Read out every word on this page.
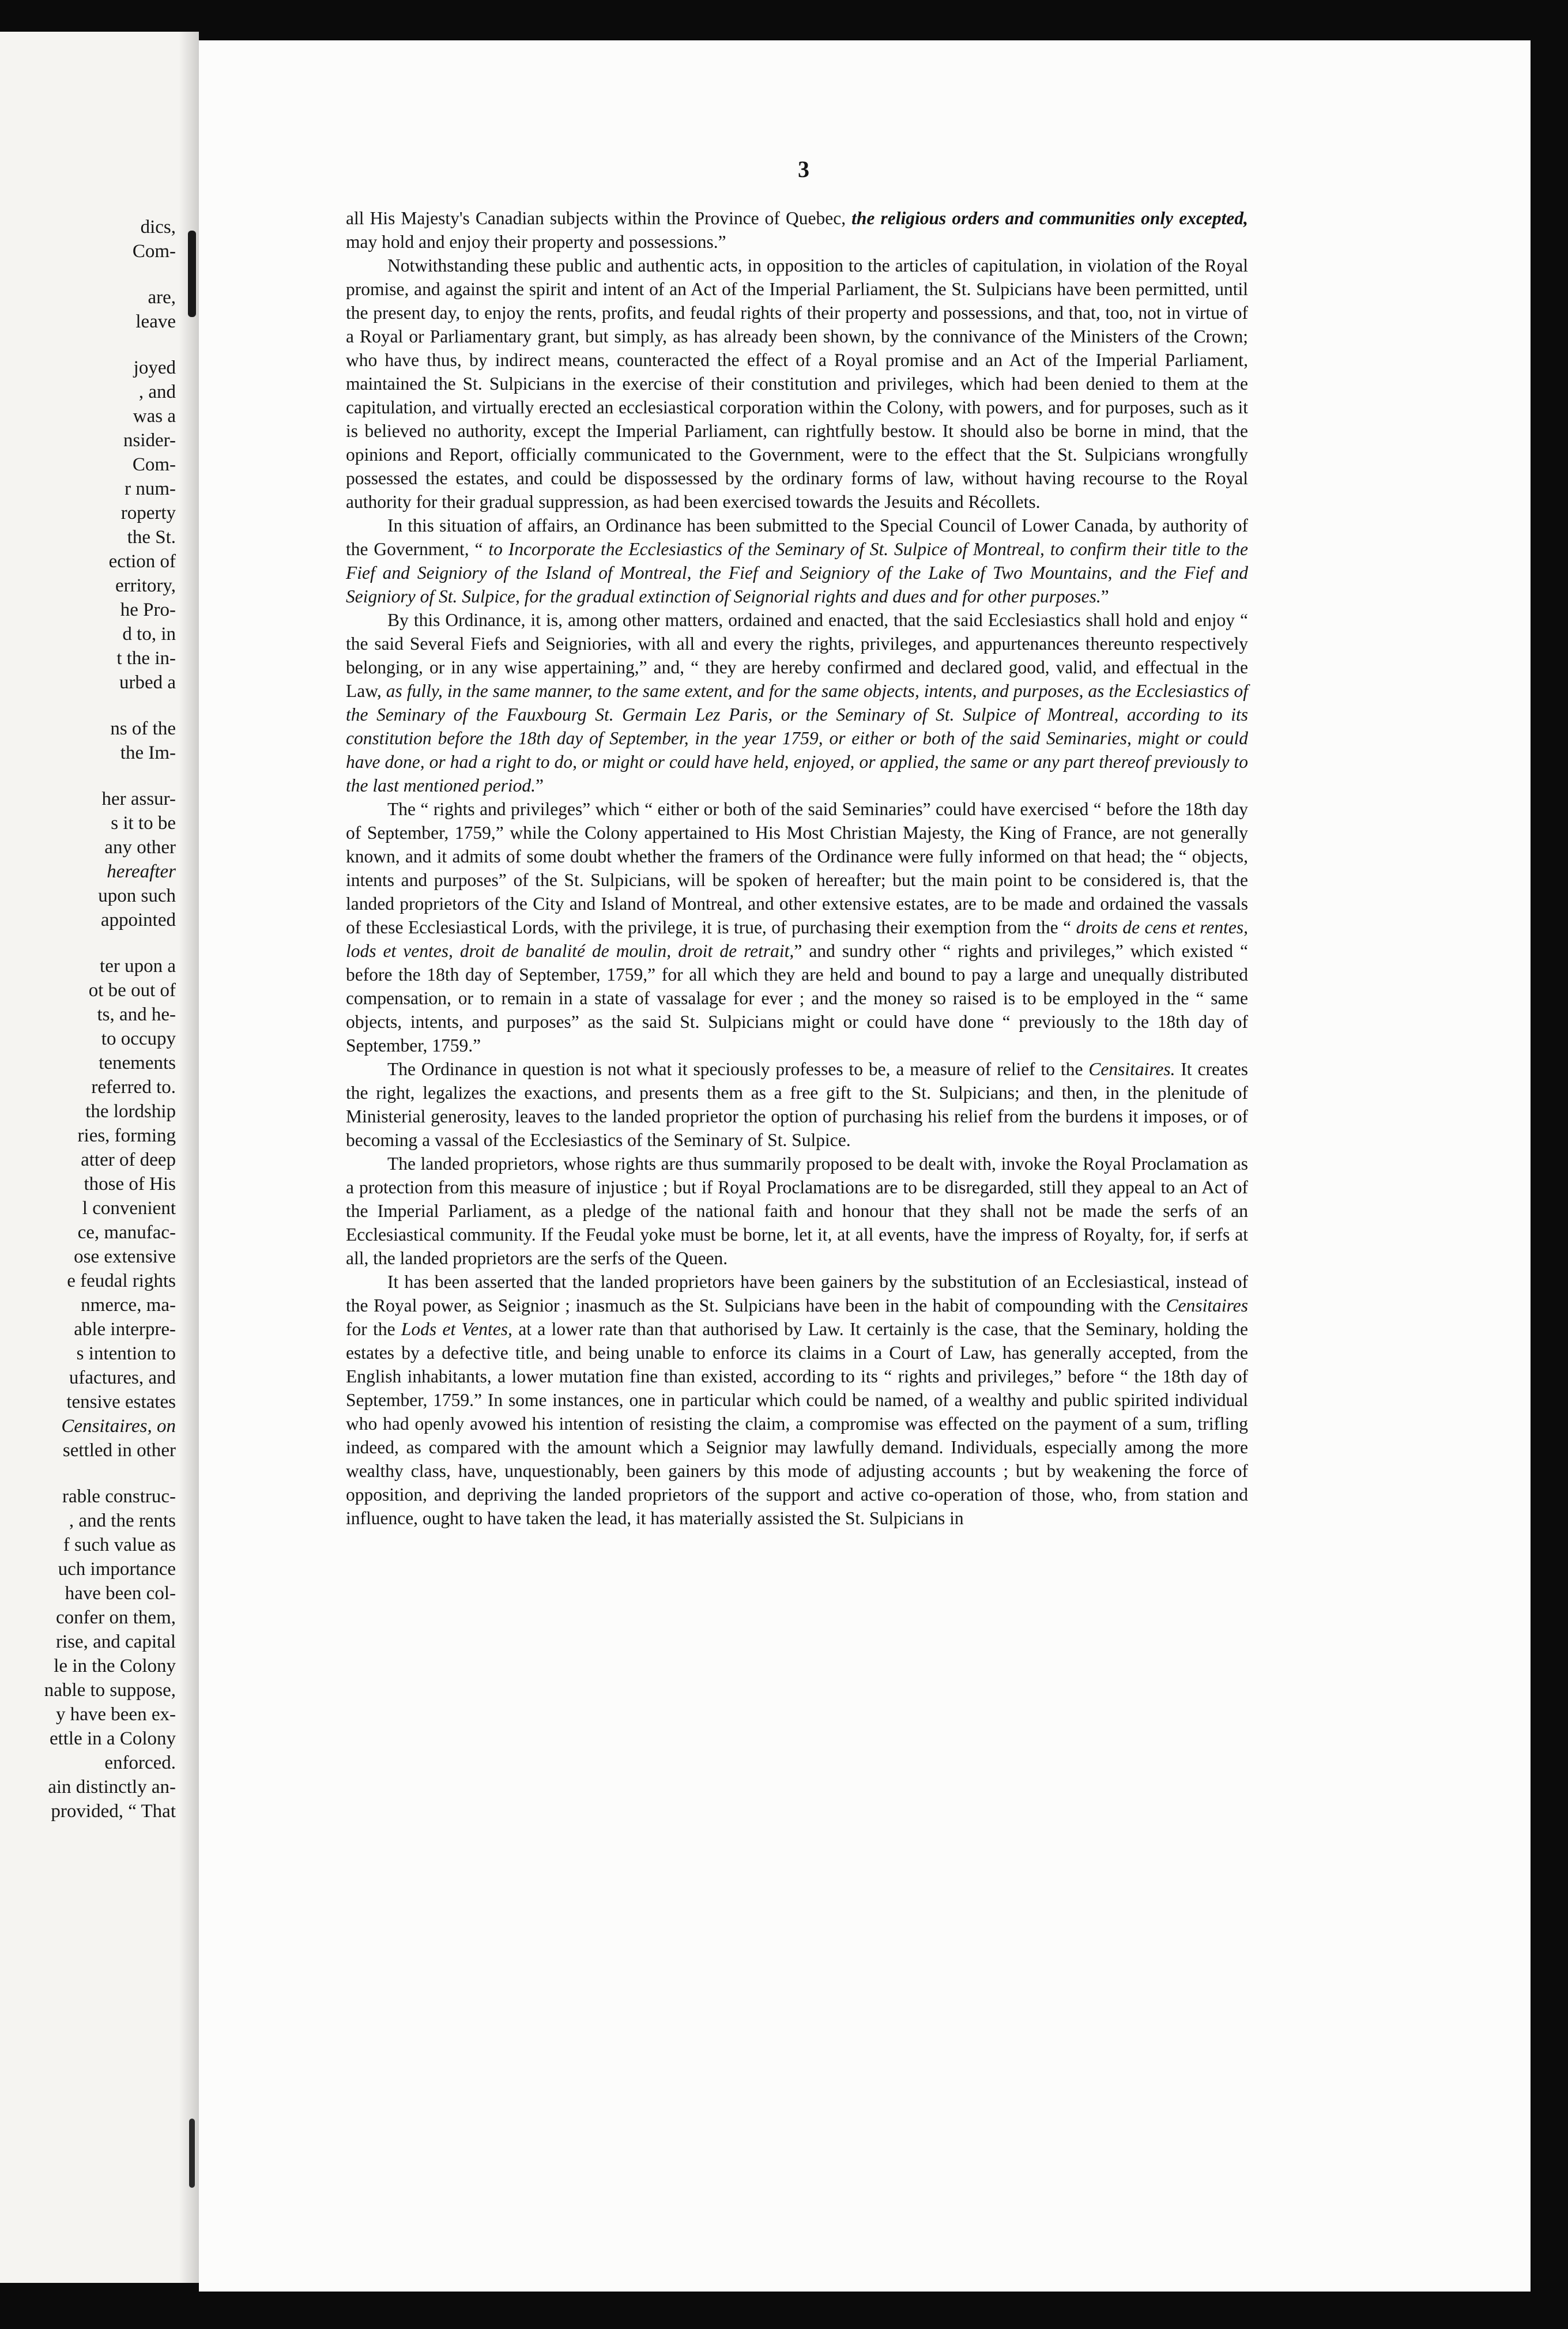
dics,
Com-
are,
leave
joyed
, and
was a
nsider-
Com-
r num-
roperty
the St.
ection of
erritory,
he Pro-
d to, in
t the in-
urbed a
ns of the
the Im-
her assur-
s it to be
any other
hereafter
upon such
appointed
ter upon a
ot be out of
ts, and he-
to occupy
tenements
referred to.
the lordship
ries, forming
atter of deep
those of His
l convenient
ce, manufac-
ose extensive
e feudal rights
nmerce, ma-
able interpre-
s intention to
ufactures, and
tensive estates
Censitaires, on
settled in other
rable construc-
, and the rents
f such value as
uch importance
have been col-
confer on them,
rise, and capital
le in the Colony
nable to suppose,
y have been ex-
ettle in a Colony
enforced.
ain distinctly an-
provided, “ That
3

all His Majesty's Canadian subjects within the Province of Quebec, the religious orders and communities only excepted, may hold and enjoy their property and possessions.”

Notwithstanding these public and authentic acts, in opposition to the articles of capitulation, in violation of the Royal promise, and against the spirit and intent of an Act of the Imperial Parliament, the St. Sulpicians have been permitted, until the present day, to enjoy the rents, profits, and feudal rights of their property and possessions, and that, too, not in virtue of a Royal or Parliamentary grant, but simply, as has already been shown, by the connivance of the Ministers of the Crown; who have thus, by indirect means, counteracted the effect of a Royal promise and an Act of the Imperial Parliament, maintained the St. Sulpicians in the exercise of their constitution and privileges, which had been denied to them at the capitulation, and virtually erected an ecclesiastical corporation within the Colony, with powers, and for purposes, such as it is believed no authority, except the Imperial Parliament, can rightfully bestow. It should also be borne in mind, that the opinions and Report, officially communicated to the Government, were to the effect that the St. Sulpicians wrongfully possessed the estates, and could be dispossessed by the ordinary forms of law, without having recourse to the Royal authority for their gradual suppression, as had been exercised towards the Jesuits and Récollets.

In this situation of affairs, an Ordinance has been submitted to the Special Council of Lower Canada, by authority of the Government, “ to Incorporate the Ecclesiastics of the Seminary of St. Sulpice of Montreal, to confirm their title to the Fief and Seigniory of the Island of Montreal, the Fief and Seigniory of the Lake of Two Mountains, and the Fief and Seigniory of St. Sulpice, for the gradual extinction of Seignorial rights and dues and for other purposes.”

By this Ordinance, it is, among other matters, ordained and enacted, that the said Ecclesiastics shall hold and enjoy “ the said Several Fiefs and Seigniories, with all and every the rights, privileges, and appurtenances thereunto respectively belonging, or in any wise appertaining,” and, “ they are hereby confirmed and declared good, valid, and effectual in the Law, as fully, in the same manner, to the same extent, and for the same objects, intents, and purposes, as the Ecclesiastics of the Seminary of the Fauxbourg St. Germain Lez Paris, or the Seminary of St. Sulpice of Montreal, according to its constitution before the 18th day of September, in the year 1759, or either or both of the said Seminaries, might or could have done, or had a right to do, or might or could have held, enjoyed, or applied, the same or any part thereof previously to the last mentioned period.”

The “ rights and privileges” which “ either or both of the said Seminaries” could have exercised “ before the 18th day of September, 1759,” while the Colony appertained to His Most Christian Majesty, the King of France, are not generally known, and it admits of some doubt whether the framers of the Ordinance were fully informed on that head; the “ objects, intents and purposes” of the St. Sulpicians, will be spoken of hereafter; but the main point to be considered is, that the landed proprietors of the City and Island of Montreal, and other extensive estates, are to be made and ordained the vassals of these Ecclesiastical Lords, with the privilege, it is true, of purchasing their exemption from the “ droits de cens et rentes, lods et ventes, droit de banalité de moulin, droit de retrait,” and sundry other “ rights and privileges,” which existed “ before the 18th day of September, 1759,” for all which they are held and bound to pay a large and unequally distributed compensation, or to remain in a state of vassalage for ever ; and the money so raised is to be employed in the “ same objects, intents, and purposes” as the said St. Sulpicians might or could have done “ previously to the 18th day of September, 1759.”

The Ordinance in question is not what it speciously professes to be, a measure of relief to the Censitaires. It creates the right, legalizes the exactions, and presents them as a free gift to the St. Sulpicians; and then, in the plenitude of Ministerial generosity, leaves to the landed proprietor the option of purchasing his relief from the burdens it imposes, or of becoming a vassal of the Ecclesiastics of the Seminary of St. Sulpice.

The landed proprietors, whose rights are thus summarily proposed to be dealt with, invoke the Royal Proclamation as a protection from this measure of injustice ; but if Royal Proclamations are to be disregarded, still they appeal to an Act of the Imperial Parliament, as a pledge of the national faith and honour that they shall not be made the serfs of an Ecclesiastical community. If the Feudal yoke must be borne, let it, at all events, have the impress of Royalty, for, if serfs at all, the landed proprietors are the serfs of the Queen.

It has been asserted that the landed proprietors have been gainers by the substitution of an Ecclesiastical, instead of the Royal power, as Seignior ; inasmuch as the St. Sulpicians have been in the habit of compounding with the Censitaires for the Lods et Ventes, at a lower rate than that authorised by Law. It certainly is the case, that the Seminary, holding the estates by a defective title, and being unable to enforce its claims in a Court of Law, has generally accepted, from the English inhabitants, a lower mutation fine than existed, according to its “ rights and privileges,” before “ the 18th day of September, 1759.” In some instances, one in particular which could be named, of a wealthy and public spirited individual who had openly avowed his intention of resisting the claim, a compromise was effected on the payment of a sum, trifling indeed, as compared with the amount which a Seignior may lawfully demand. Individuals, especially among the more wealthy class, have, unquestionably, been gainers by this mode of adjusting accounts ; but by weakening the force of opposition, and depriving the landed proprietors of the support and active co-operation of those, who, from station and influence, ought to have taken the lead, it has materially assisted the St. Sulpicians in
